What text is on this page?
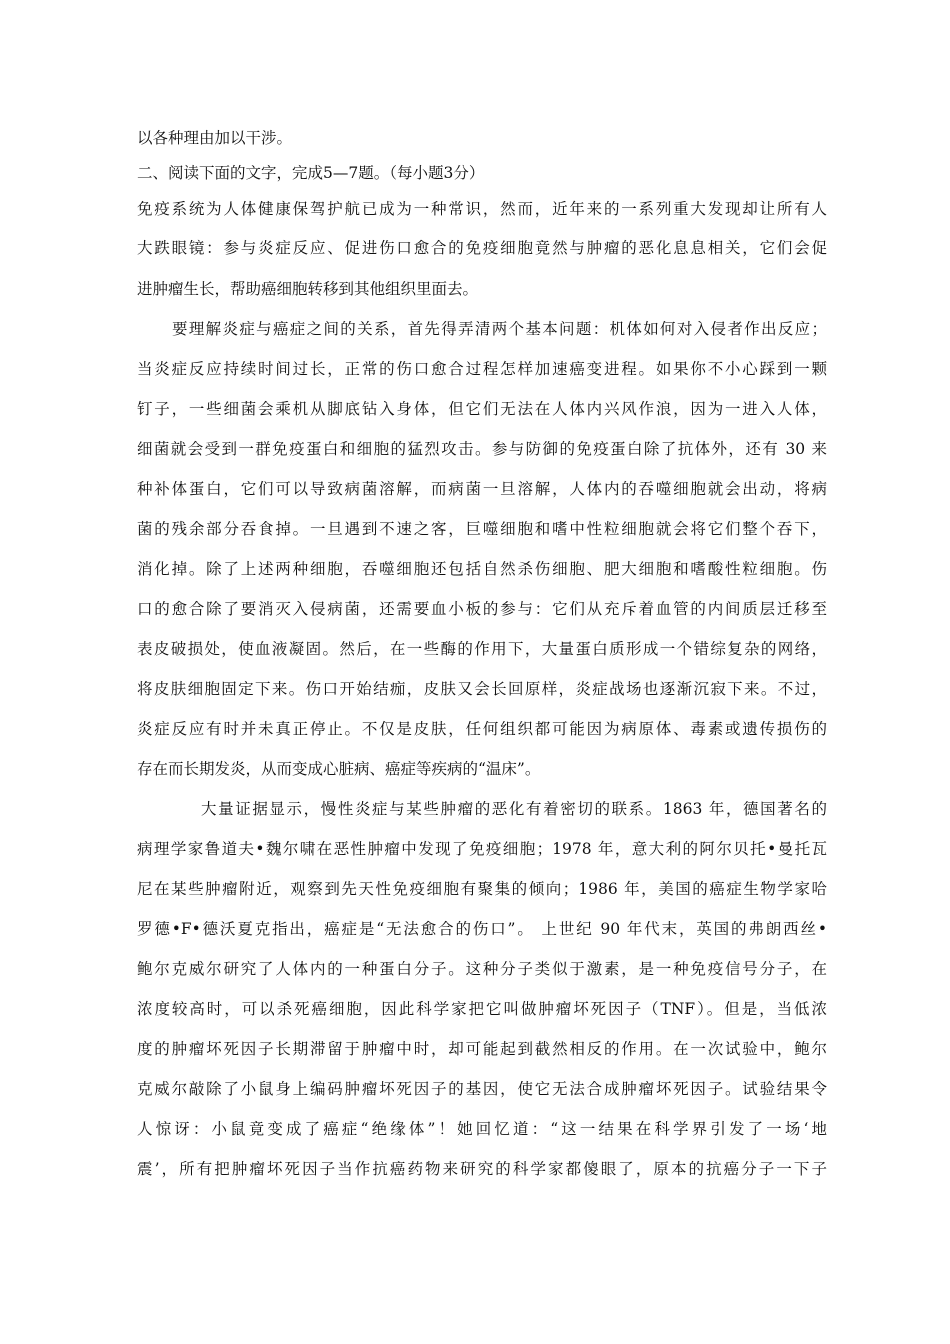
以各种理由加以干涉。
二、阅读下面的文字，完成5—7题。（每小题3分）
免疫系统为人体健康保驾护航已成为一种常识，然而，近年来的一系列重大发现却让所有人
大跌眼镜：参与炎症反应、促进伤口愈合的免疫细胞竟然与肿瘤的恶化息息相关，它们会促
进肿瘤生长，帮助癌细胞转移到其他组织里面去。
要理解炎症与癌症之间的关系，首先得弄清两个基本问题：机体如何对入侵者作出反应；
当炎症反应持续时间过长，正常的伤口愈合过程怎样加速癌变进程。如果你不小心踩到一颗
钉子，一些细菌会乘机从脚底钻入身体，但它们无法在人体内兴风作浪，因为一进入人体，
细菌就会受到一群免疫蛋白和细胞的猛烈攻击。参与防御的免疫蛋白除了抗体外，还有 30 来
种补体蛋白，它们可以导致病菌溶解，而病菌一旦溶解，人体内的吞噬细胞就会出动，将病
菌的残余部分吞食掉。一旦遇到不速之客，巨噬细胞和嗜中性粒细胞就会将它们整个吞下，
消化掉。除了上述两种细胞，吞噬细胞还包括自然杀伤细胞、肥大细胞和嗜酸性粒细胞。伤
口的愈合除了要消灭入侵病菌，还需要血小板的参与：它们从充斥着血管的内间质层迁移至
表皮破损处，使血液凝固。然后，在一些酶的作用下，大量蛋白质形成一个错综复杂的网络，
将皮肤细胞固定下来。伤口开始结痂，皮肤又会长回原样，炎症战场也逐渐沉寂下来。不过，
炎症反应有时并未真正停止。不仅是皮肤，任何组织都可能因为病原体、毒素或遗传损伤的
存在而长期发炎，从而变成心脏病、癌症等疾病的“温床”。
大量证据显示，慢性炎症与某些肿瘤的恶化有着密切的联系。1863 年，德国著名的
病理学家鲁道夫•魏尔啸在恶性肿瘤中发现了免疫细胞；1978 年，意大利的阿尔贝托•曼托瓦
尼在某些肿瘤附近，观察到先天性免疫细胞有聚集的倾向；1986 年，美国的癌症生物学家哈
罗德•F•德沃夏克指出，癌症是“无法愈合的伤口”。 上世纪 90 年代末，英国的弗朗西丝•
鲍尔克威尔研究了人体内的一种蛋白分子。这种分子类似于激素，是一种免疫信号分子，在
浓度较高时，可以杀死癌细胞，因此科学家把它叫做肿瘤坏死因子（TNF）。但是，当低浓
度的肿瘤坏死因子长期滞留于肿瘤中时，却可能起到截然相反的作用。在一次试验中，鲍尔
克威尔敲除了小鼠身上编码肿瘤坏死因子的基因，使它无法合成肿瘤坏死因子。试验结果令
人惊讶：小鼠竟变成了癌症“绝缘体”！她回忆道：“这一结果在科学界引发了一场‘地
震’，所有把肿瘤坏死因子当作抗癌药物来研究的科学家都傻眼了，原本的抗癌分子一下子
